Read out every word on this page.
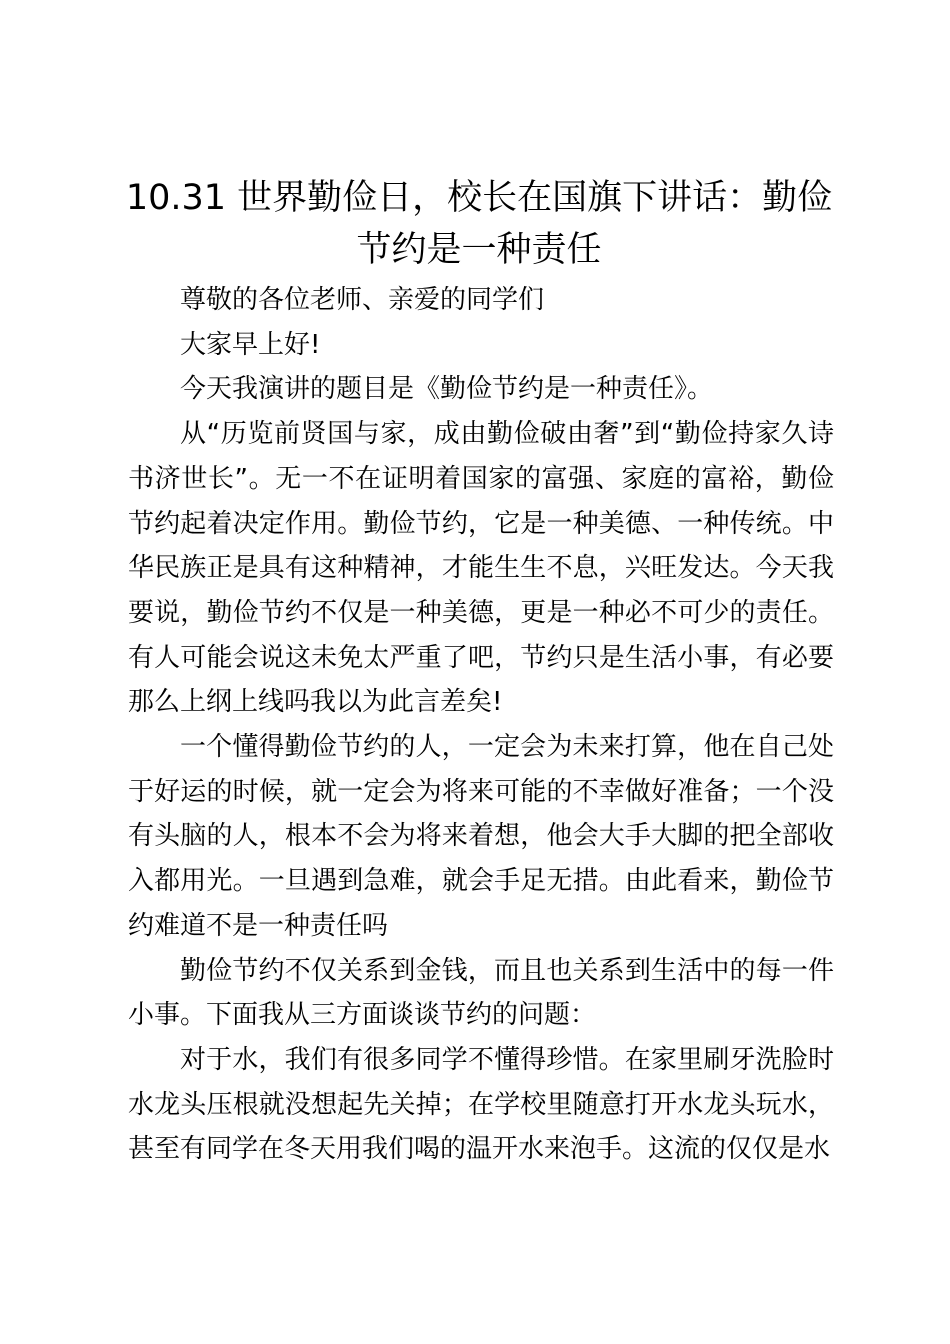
10.31 世界勤俭日，校长在国旗下讲话：勤俭节约是一种责任

尊敬的各位老师、亲爱的同学们

大家早上好!

今天我演讲的题目是《勤俭节约是一种责任》。

从“历览前贤国与家，成由勤俭破由奢”到“勤俭持家久诗书济世长”。无一不在证明着国家的富强、家庭的富裕，勤俭节约起着决定作用。勤俭节约，它是一种美德、一种传统。中华民族正是具有这种精神，才能生生不息，兴旺发达。今天我要说，勤俭节约不仅是一种美德，更是一种必不可少的责任。有人可能会说这未免太严重了吧，节约只是生活小事，有必要那么上纲上线吗我以为此言差矣!

一个懂得勤俭节约的人，一定会为未来打算，他在自己处于好运的时候，就一定会为将来可能的不幸做好准备；一个没有头脑的人，根本不会为将来着想，他会大手大脚的把全部收入都用光。一旦遇到急难，就会手足无措。由此看来，勤俭节约难道不是一种责任吗

勤俭节约不仅关系到金钱，而且也关系到生活中的每一件小事。下面我从三方面谈谈节约的问题：

对于水，我们有很多同学不懂得珍惜。在家里刷牙洗脸时水龙头压根就没想起先关掉；在学校里随意打开水龙头玩水，甚至有同学在冬天用我们喝的温开水来泡手。这流的仅仅是水
